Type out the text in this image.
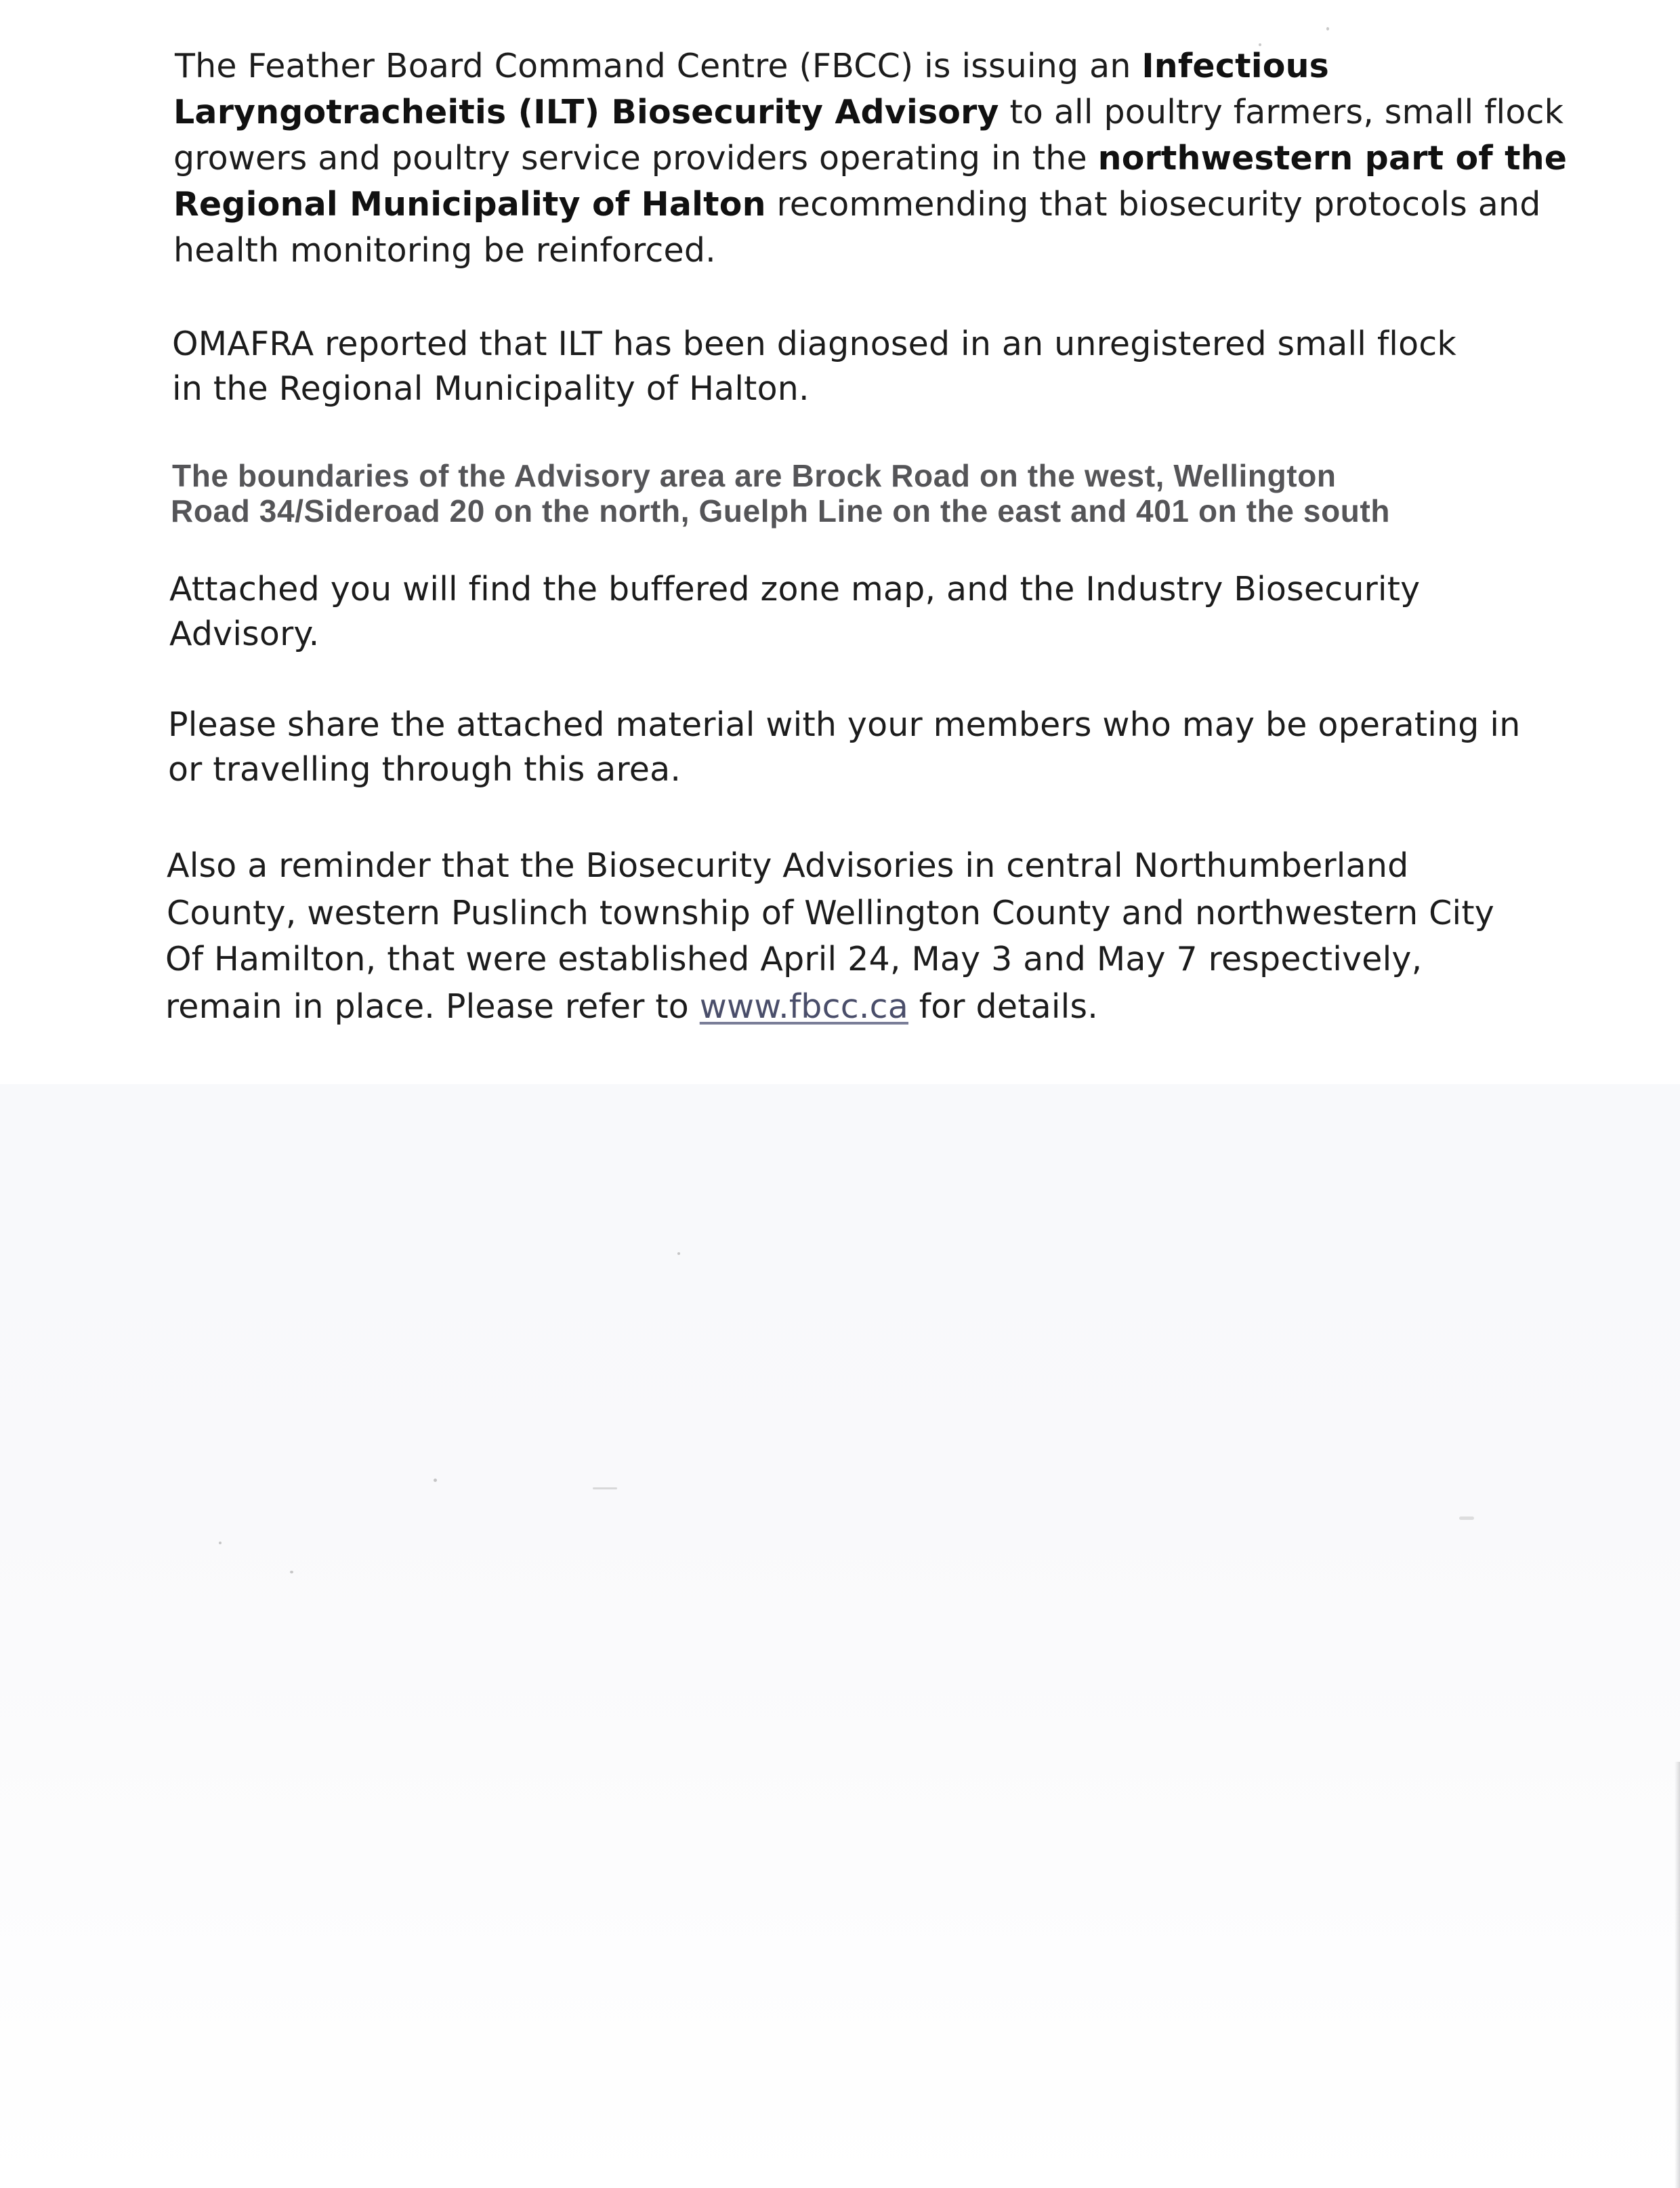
The Feather Board Command Centre (FBCC) is issuing an Infectious
Laryngotracheitis (ILT) Biosecurity Advisory to all poultry farmers, small flock
growers and poultry service providers operating in the northwestern part of the
Regional Municipality of Halton recommending that biosecurity protocols and
health monitoring be reinforced.
OMAFRA reported that ILT has been diagnosed in an unregistered small flock
in the Regional Municipality of Halton.
The boundaries of the Advisory area are Brock Road on the west, Wellington
Road 34/Sideroad 20 on the north, Guelph Line on the east and 401 on the south
Attached you will find the buffered zone map, and the Industry Biosecurity
Advisory.
Please share the attached material with your members who may be operating in
or travelling through this area.
Also a reminder that the Biosecurity Advisories in central Northumberland
County, western Puslinch township of Wellington County and northwestern City
Of Hamilton, that were established April 24, May 3 and May 7 respectively,
remain in place. Please refer to www.fbcc.ca for details.
